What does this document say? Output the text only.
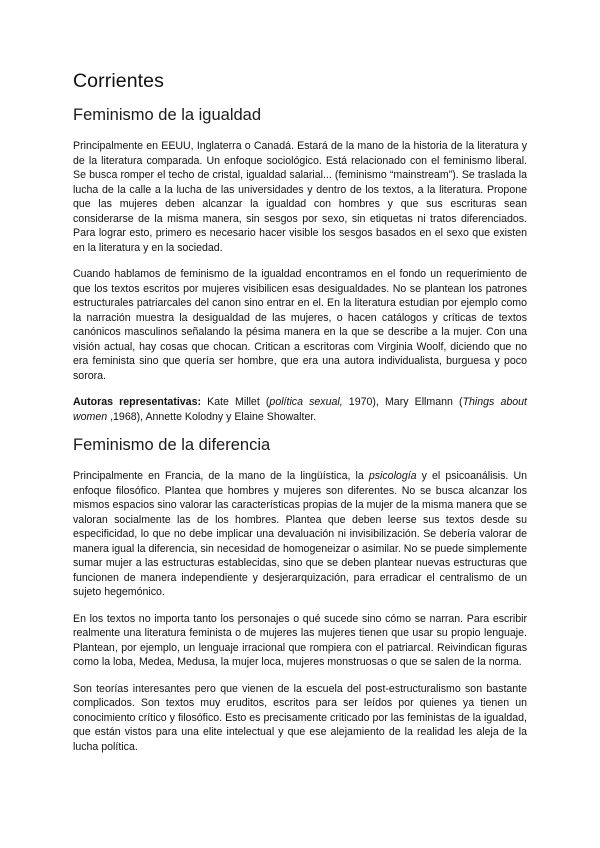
Corrientes
Feminismo de la igualdad

Principalmente en EEUU, Inglaterra o Canadá. Estará de la mano de la historia de la literatura y de la literatura comparada. Un enfoque sociológico. Está relacionado con el feminismo liberal. Se busca romper el techo de cristal, igualdad salarial... (feminismo “mainstream”). Se traslada la lucha de la calle a la lucha de las universidades y dentro de los textos, a la literatura. Propone que las mujeres deben alcanzar la igualdad con hombres y que sus escrituras sean considerarse de la misma manera, sin sesgos por sexo, sin etiquetas ni tratos diferenciados. Para lograr esto, primero es necesario hacer visible los sesgos basados en el sexo que existen en la literatura y en la sociedad.

Cuando hablamos de feminismo de la igualdad encontramos en el fondo un requerimiento de que los textos escritos por mujeres visibilicen esas desigualdades. No se plantean los patrones estructurales patriarcales del canon sino entrar en el. En la literatura estudian por ejemplo como la narración muestra la desigualdad de las mujeres, o hacen catálogos y críticas de textos canónicos masculinos señalando la pésima manera en la que se describe a la mujer. Con una visión actual, hay cosas que chocan. Critican a escritoras com Virginia Woolf, diciendo que no era feminista sino que quería ser hombre, que era una autora individualista, burguesa y poco sorora.

Autoras representativas: Kate Millet (política sexual, 1970), Mary Ellmann (Things about women ,1968), Annette Kolodny y Elaine Showalter.

Feminismo de la diferencia

Principalmente en Francia, de la mano de la lingüística, la psicología y el psicoanálisis. Un enfoque filosófico. Plantea que hombres y mujeres son diferentes. No se busca alcanzar los mismos espacios sino valorar las características propias de la mujer de la misma manera que se valoran socialmente las de los hombres. Plantea que deben leerse sus textos desde su especificidad, lo que no debe implicar una devaluación ni invisibilización. Se debería valorar de manera igual la diferencia, sin necesidad de homogeneizar o asimilar. No se puede simplemente sumar mujer a las estructuras establecidas, sino que se deben plantear nuevas estructuras que funcionen de manera independiente y desjerarquización, para erradicar el centralismo de un sujeto hegemónico.

En los textos no importa tanto los personajes o qué sucede sino cómo se narran. Para escribir realmente una literatura feminista o de mujeres las mujeres tienen que usar su propio lenguaje. Plantean, por ejemplo, un lenguaje irracional que rompiera con el patriarcal. Reivindican figuras como la loba, Medea, Medusa, la mujer loca, mujeres monstruosas o que se salen de la norma.

Son teorías interesantes pero que vienen de la escuela del post-estructuralismo son bastante complicados. Son textos muy eruditos, escritos para ser leídos por quienes ya tienen un conocimiento crítico y filosófico. Esto es precisamente criticado por las feministas de la igualdad, que están vistos para una elite intelectual y que ese alejamiento de la realidad les aleja de la lucha política.
